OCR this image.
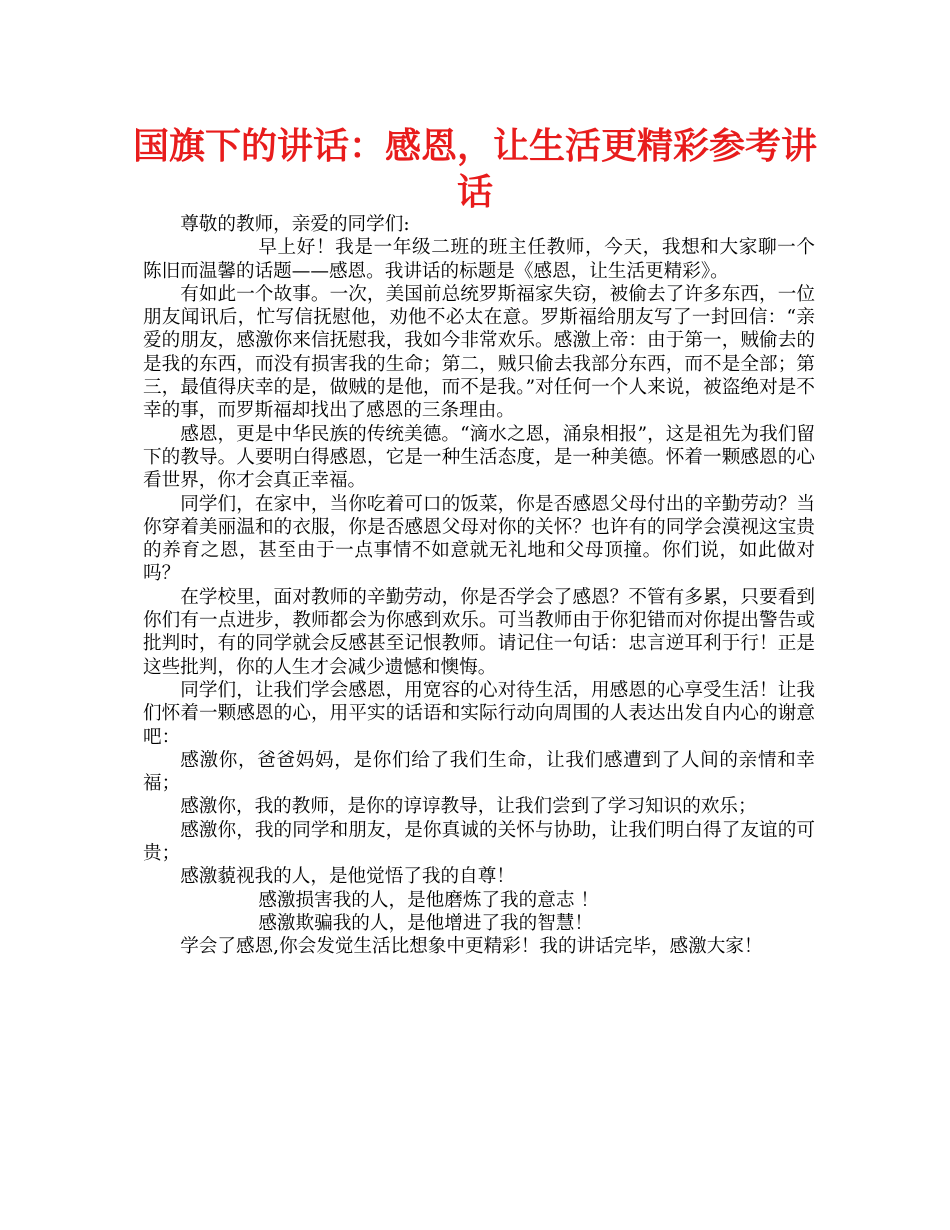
国旗下的讲话：感恩，让生活更精彩参考讲话

尊敬的教师，亲爱的同学们:

早上好！我是一年级二班的班主任教师，今天，我想和大家聊一个陈旧而温馨的话题——感恩。我讲话的标题是《感恩，让生活更精彩》。

有如此一个故事。一次，美国前总统罗斯福家失窃，被偷去了许多东西，一位朋友闻讯后，忙写信抚慰他，劝他不必太在意。罗斯福给朋友写了一封回信：“亲爱的朋友，感激你来信抚慰我，我如今非常欢乐。感激上帝：由于第一，贼偷去的是我的东西，而没有损害我的生命；第二，贼只偷去我部分东西，而不是全部；第三，最值得庆幸的是，做贼的是他，而不是我。”对任何一个人来说，被盗绝对是不幸的事，而罗斯福却找出了感恩的三条理由。

感恩，更是中华民族的传统美德。“滴水之恩，涌泉相报”，这是祖先为我们留下的教导。人要明白得感恩，它是一种生活态度，是一种美德。怀着一颗感恩的心看世界，你才会真正幸福。

同学们，在家中，当你吃着可口的饭菜，你是否感恩父母付出的辛勤劳动？当你穿着美丽温和的衣服，你是否感恩父母对你的关怀？也许有的同学会漠视这宝贵的养育之恩，甚至由于一点事情不如意就无礼地和父母顶撞。你们说，如此做对吗？

在学校里，面对教师的辛勤劳动，你是否学会了感恩？不管有多累，只要看到你们有一点进步，教师都会为你感到欢乐。可当教师由于你犯错而对你提出警告或批判时，有的同学就会反感甚至记恨教师。请记住一句话：忠言逆耳利于行！正是这些批判，你的人生才会减少遗憾和懊悔。

同学们，让我们学会感恩，用宽容的心对待生活，用感恩的心享受生活！让我们怀着一颗感恩的心，用平实的话语和实际行动向周围的人表达出发自内心的谢意吧：

感激你，爸爸妈妈，是你们给了我们生命，让我们感遭到了人间的亲情和幸福；

感激你，我的教师，是你的谆谆教导，让我们尝到了学习知识的欢乐；

感激你，我的同学和朋友，是你真诚的关怀与协助，让我们明白得了友谊的可贵；

感激藐视我的人，是他觉悟了我的自尊！

感激损害我的人，是他磨炼了我的意志 ！

感激欺骗我的人，是他增进了我的智慧！

学会了感恩,你会发觉生活比想象中更精彩！我的讲话完毕，感激大家！
